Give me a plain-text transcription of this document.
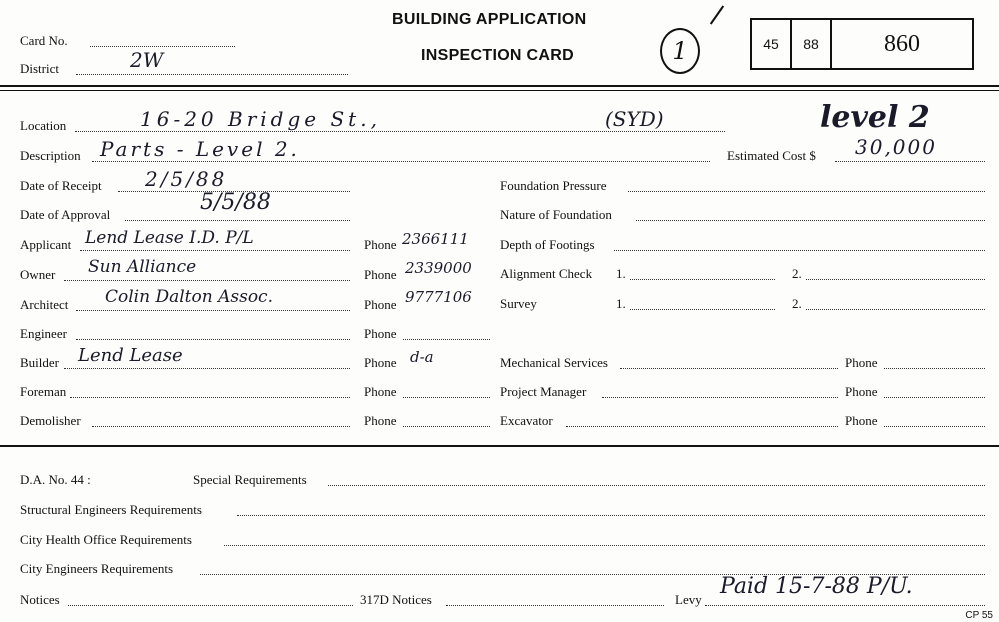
Card No.
District	2W
BUILDING APPLICATION
INSPECTION CARD	1	45	88	860
Location	16-20 Bridge St.,	(SYD)	level 2
Description Parts - Level 2.	Estimated Cost $ 30,000
Date of Receipt 2/5/88
Date of Approval	5/5/88
Applicant Lend Lease I.D. P/L	Phone 2366111
Owner Sun Alliance	Phone 2339000
Architect Colin Dalton Assoc.	Phone 9777106
Engineer	Phone
Builder Lend Lease	Phone d-a
Foreman	Phone
Demolisher	Phone
Foundation Pressure
Nature of Foundation
Depth of Footings
Alignment Check 1.	2.
Survey	1.	2.
Mechanical Services	Phone
Project Manager	Phone
Excavator	Phone
D.A. No. 44 :	Special Requirements
Structural Engineers Requirements
City Health Office Requirements
City Engineers Requirements
Notices	317D Notices	Levy
Paid 15-7-88 P/U.
CP 55
